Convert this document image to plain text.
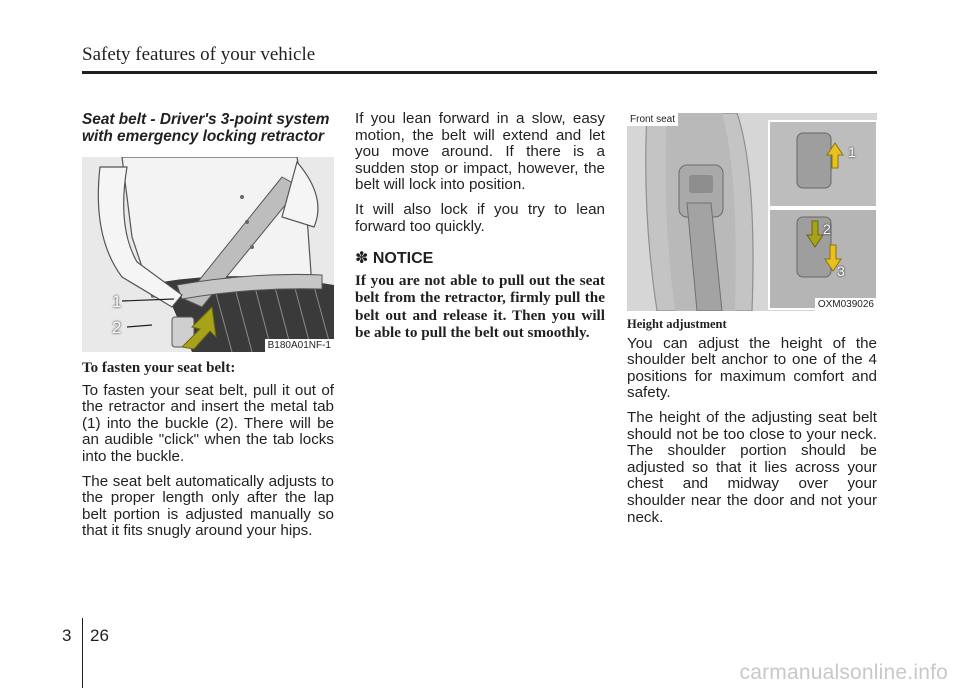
Safety features of your vehicle
Seat belt - Driver's 3-point system with emergency locking retractor
1
2
B180A01NF-1

To fasten your seat belt:

To fasten your seat belt, pull it out of the retractor and insert the metal tab (1) into the buckle (2). There will be an audible "click" when the tab locks into the buckle.

The seat belt automatically adjusts to the proper length only after the lap belt portion is adjusted manually so that it fits snugly around your hips.

If you lean forward in a slow, easy motion, the belt will extend and let you move around. If there is a sudden stop or impact, however, the belt will lock into position.

It will also lock if you try to lean forward too quickly.

✽ NOTICE
If you are not able to pull out the seat belt from the retractor, firmly pull the belt out and release it. Then you will be able to pull the belt out smoothly.
Front seat
1
2
3
OXM039026

Height adjustment

You can adjust the height of the shoulder belt anchor to one of the 4 positions for maximum comfort and safety.

The height of the adjusting seat belt should not be too close to your neck. The shoulder portion should be adjusted so that it lies across your chest and midway over your shoulder near the door and not your neck.

3 26
carmanualsonline.info
